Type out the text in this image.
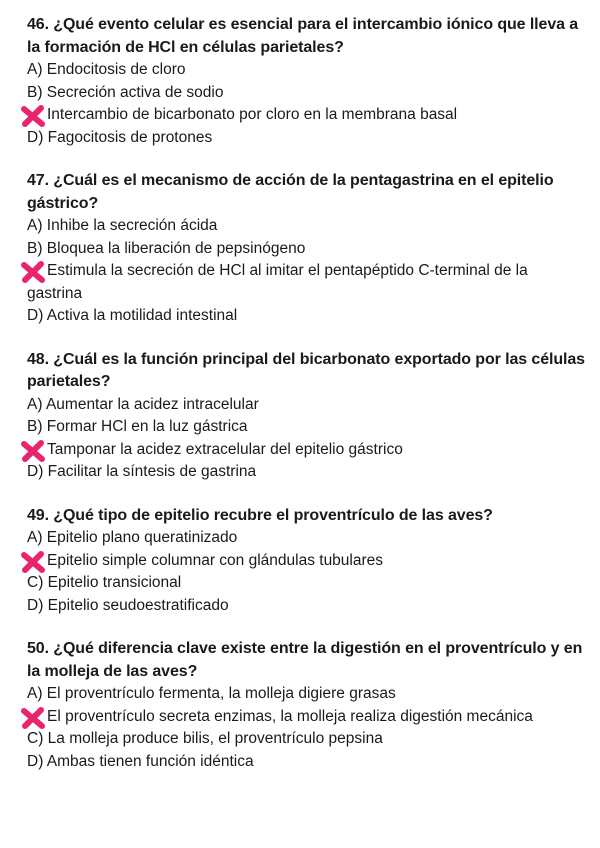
46. ¿Qué evento celular es esencial para el intercambio iónico que lleva a la formación de HCl en células parietales?

A) Endocitosis de cloro

B) Secreción activa de sodio

Intercambio de bicarbonato por cloro en la membrana basal

D) Fagocitosis de protones

47. ¿Cuál es el mecanismo de acción de la pentagastrina en el epitelio gástrico?

A) Inhibe la secreción ácida

B) Bloquea la liberación de pepsinógeno

Estimula la secreción de HCl al imitar el pentapéptido C-terminal de la gastrina

D) Activa la motilidad intestinal

48. ¿Cuál es la función principal del bicarbonato exportado por las células parietales?

A) Aumentar la acidez intracelular

B) Formar HCl en la luz gástrica

Tamponar la acidez extracelular del epitelio gástrico

D) Facilitar la síntesis de gastrina

49. ¿Qué tipo de epitelio recubre el proventrículo de las aves?

A) Epitelio plano queratinizado

Epitelio simple columnar con glándulas tubulares

C) Epitelio transicional

D) Epitelio seudoestratificado

50. ¿Qué diferencia clave existe entre la digestión en el proventrículo y en la molleja de las aves?

A) El proventrículo fermenta, la molleja digiere grasas

El proventrículo secreta enzimas, la molleja realiza digestión mecánica

C) La molleja produce bilis, el proventrículo pepsina

D) Ambas tienen función idéntica
